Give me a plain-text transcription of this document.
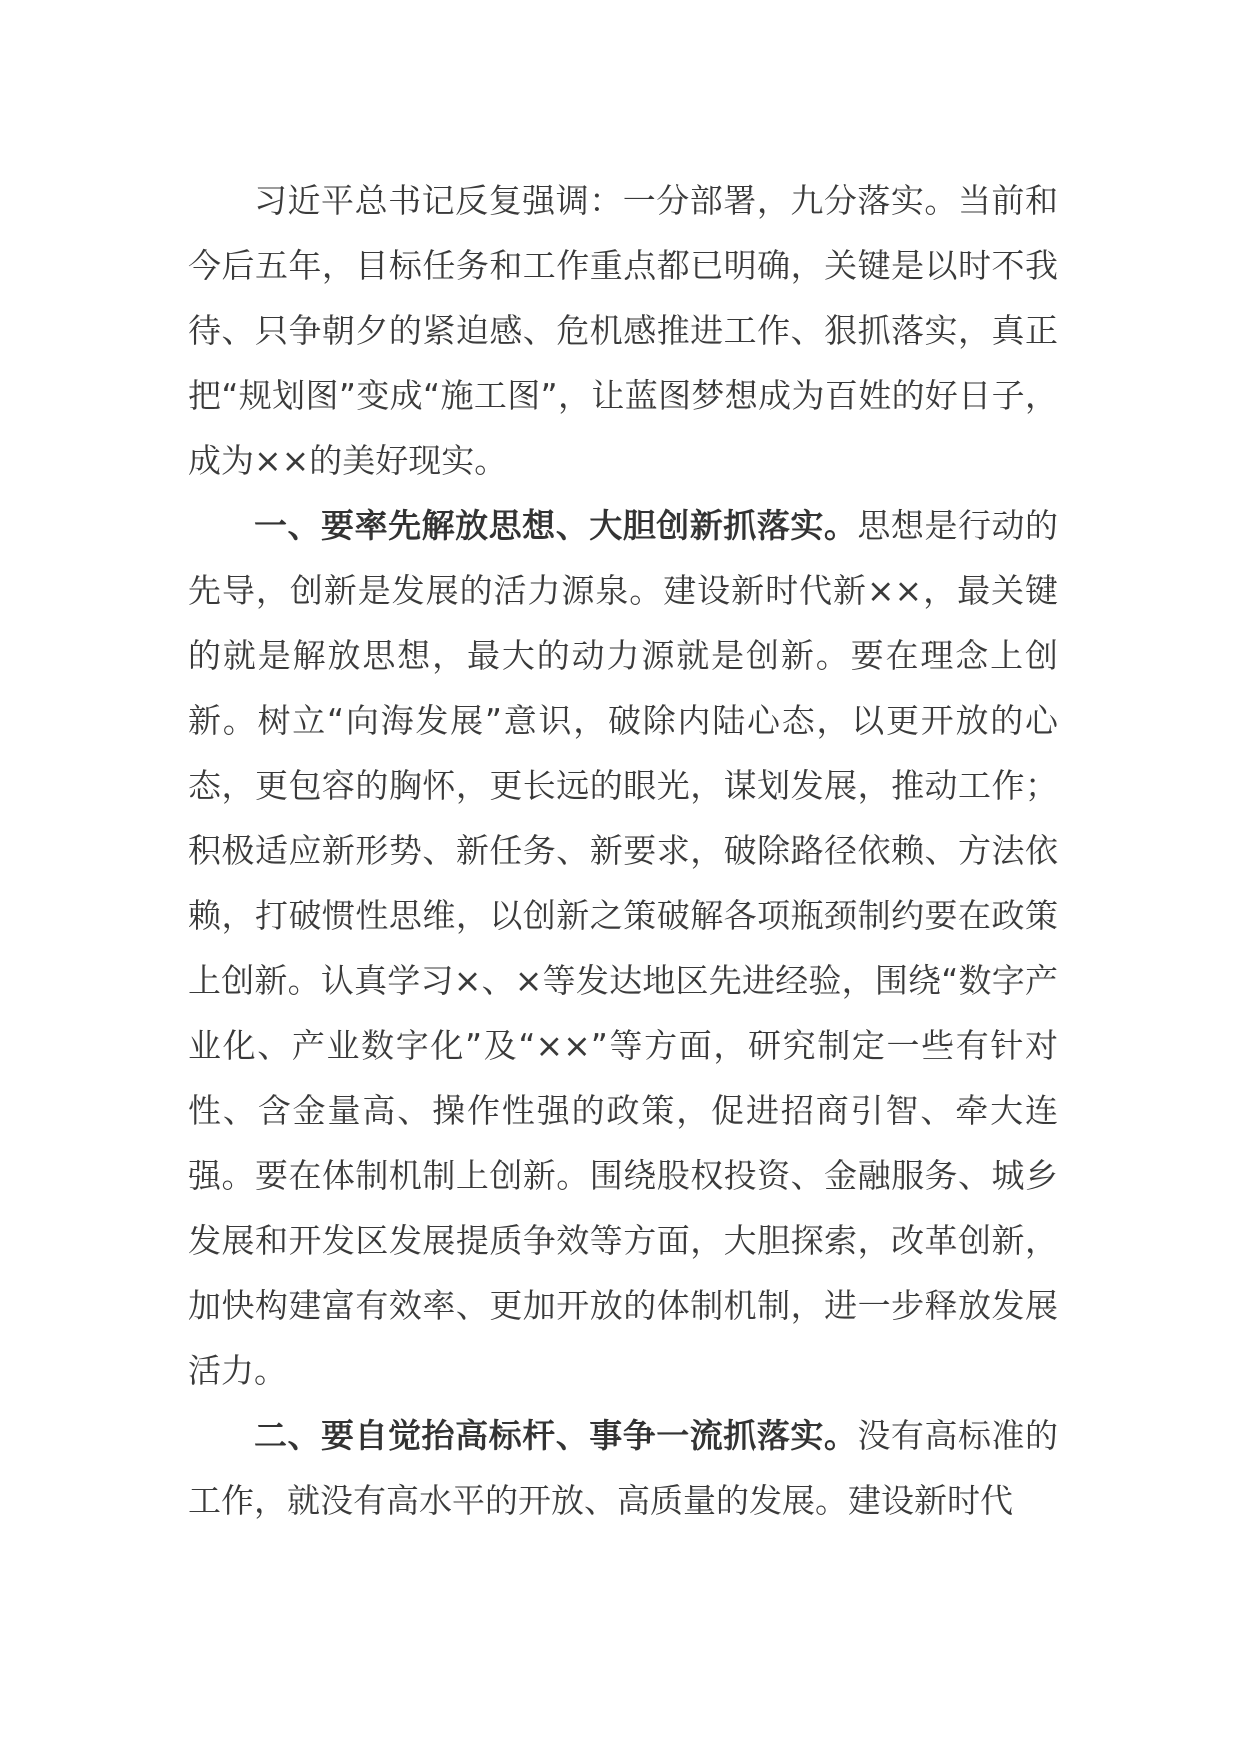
习近平总书记反复强调：一分部署，九分落实。当前和今后五年，目标任务和工作重点都已明确，关键是以时不我待、只争朝夕的紧迫感、危机感推进工作、狠抓落实，真正把“规划图”变成“施工图”，让蓝图梦想成为百姓的好日子，成为××的美好现实。

一、要率先解放思想、大胆创新抓落实。思想是行动的先导，创新是发展的活力源泉。建设新时代新××，最关键的就是解放思想，最大的动力源就是创新。要在理念上创新。树立“向海发展”意识，破除内陆心态，以更开放的心态，更包容的胸怀，更长远的眼光，谋划发展，推动工作；积极适应新形势、新任务、新要求，破除路径依赖、方法依赖，打破惯性思维，以创新之策破解各项瓶颈制约要在政策上创新。认真学习×、×等发达地区先进经验，围绕“数字产业化、产业数字化”及“××”等方面，研究制定一些有针对性、含金量高、操作性强的政策，促进招商引智、牵大连强。要在体制机制上创新。围绕股权投资、金融服务、城乡发展和开发区发展提质争效等方面，大胆探索，改革创新，加快构建富有效率、更加开放的体制机制，进一步释放发展活力。

二、要自觉抬高标杆、事争一流抓落实。没有高标准的工作，就没有高水平的开放、高质量的发展。建设新时代
